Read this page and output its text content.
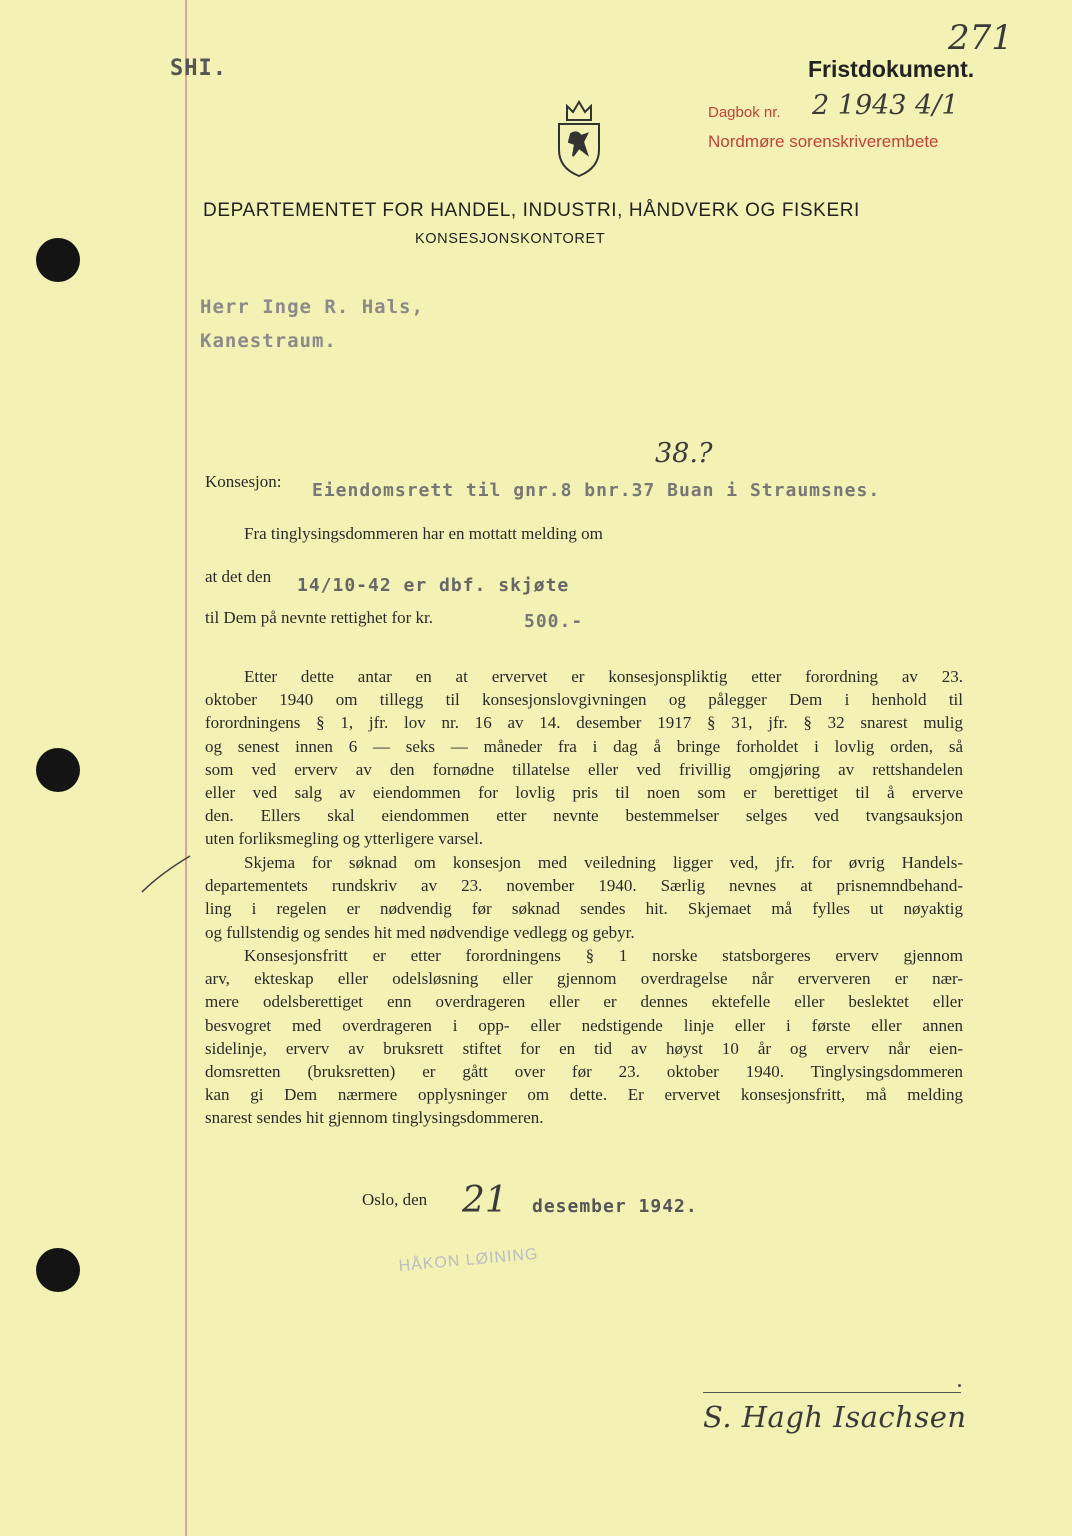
271
SHI.	Fristdokument.
Dagbok nr. 2 1943 4/1
Nordmøre sorenskriverembete
DEPARTEMENTET FOR HANDEL, INDUSTRI, HÅNDVERK OG FISKERI
KONSESJONSKONTORET
Herr Inge R. Hals,
Kanestraum.
38.?
Konsesjon: Eiendomsrett til gnr.8 bnr.37 Buan i Straumsnes.
Fra tinglysingsdommeren har en mottatt melding om
at det den 14/10-42 er dbf. skjøte
til Dem på nevnte rettighet for kr.	500.-

Etter dette antar en at ervervet er konsesjonspliktig etter forordning av 23.

oktober 1940 om tillegg til konsesjonslovgivningen og pålegger Dem i henhold til

forordningens § 1, jfr. lov nr. 16 av 14. desember 1917 § 31, jfr. § 32 snarest mulig

og senest innen 6 — seks — måneder fra i dag å bringe forholdet i lovlig orden, så

som ved erverv av den fornødne tillatelse eller ved frivillig omgjøring av rettshandelen

eller ved salg av eiendommen for lovlig pris til noen som er berettiget til å erverve

den. Ellers skal eiendommen etter nevnte bestemmelser selges ved tvangsauksjon

uten forliksmegling og ytterligere varsel.

Skjema for søknad om konsesjon med veiledning ligger ved, jfr. for øvrig Handels-

departementets rundskriv av 23. november 1940. Særlig nevnes at prisnemndbehand-

ling i regelen er nødvendig før søknad sendes hit. Skjemaet må fylles ut nøyaktig

og fullstendig og sendes hit med nødvendige vedlegg og gebyr.

Konsesjonsfritt er etter forordningens § 1 norske statsborgeres erverv gjennom

arv, ekteskap eller odelsløsning eller gjennom overdragelse når erververen er nær-

mere odelsberettiget enn overdrageren eller er dennes ektefelle eller beslektet eller

besvogret med overdrageren i opp- eller nedstigende linje eller i første eller annen

sidelinje, erverv av bruksrett stiftet for en tid av høyst 10 år og erverv når eien-

domsretten (bruksretten) er gått over før 23. oktober 1940. Tinglysingsdommeren

kan gi Dem nærmere opplysninger om dette. Er ervervet konsesjonsfritt, må melding

snarest sendes hit gjennom tinglysingsdommeren.

Oslo, den 21 desember 1942.
HÅKON LØINING
S. Hagh Isachsen
